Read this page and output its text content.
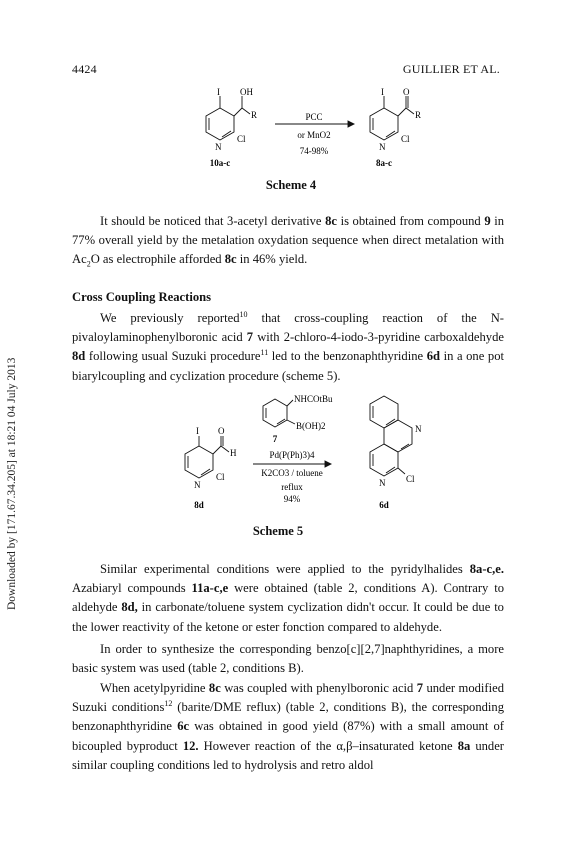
4424	GUILLIER ET AL.
Downloaded by [171.67.34.205] at 18:21 04 July 2013
I OH
R
N
Cl
I O
R
N
Cl
PCC
or MnO2
74-98%
10a-c	8a-c
Scheme 4

It should be noticed that 3-acetyl derivative 8c is obtained from compound 9 in 77% overall yield by the metalation oxydation sequence when direct metalation with $Ac_2O$ as electrophile afforded 8c in 46% yield.

Cross Coupling Reactions

We previously reported$^{10}$ that cross-coupling reaction of the N-pivaloylaminophenylboronic acid 7 with 2-chloro-4-iodo-3-pyridine carboxaldehyde 8d following usual Suzuki procedure$^{11}$ led to the benzonaphthyridine 6d in a one pot biarylcoupling and cyclization procedure (scheme 5).

NHCOtBu
B(OH)2
7
I O
H
N
Cl
Pd(P(Ph)3)4
K2CO3 / toluene
reflux
94%
N
N Cl
8d	6d
Scheme 5

Similar experimental conditions were applied to the pyridylhalides 8a-c,e. Azabiaryl compounds 11a-c,e were obtained (table 2, conditions A). Contrary to aldehyde 8d, in carbonate/toluene system cyclization didn't occur. It could be due to the lower reactivity of the ketone or ester fonction compared to aldehyde.

In order to synthesize the corresponding benzo[c][2,7]naphthyridines, a more basic system was used (table 2, conditions B).

When acetylpyridine 8c was coupled with phenylboronic acid 7 under modified Suzuki conditions$^{12}$ (barite/DME reflux) (table 2, conditions B), the corresponding benzonaphthyridine 6c was obtained in good yield (87%) with a small amount of bicoupled byproduct 12. However reaction of the α,β–insaturated ketone 8a under similar coupling conditions led to hydrolysis and retro aldol
